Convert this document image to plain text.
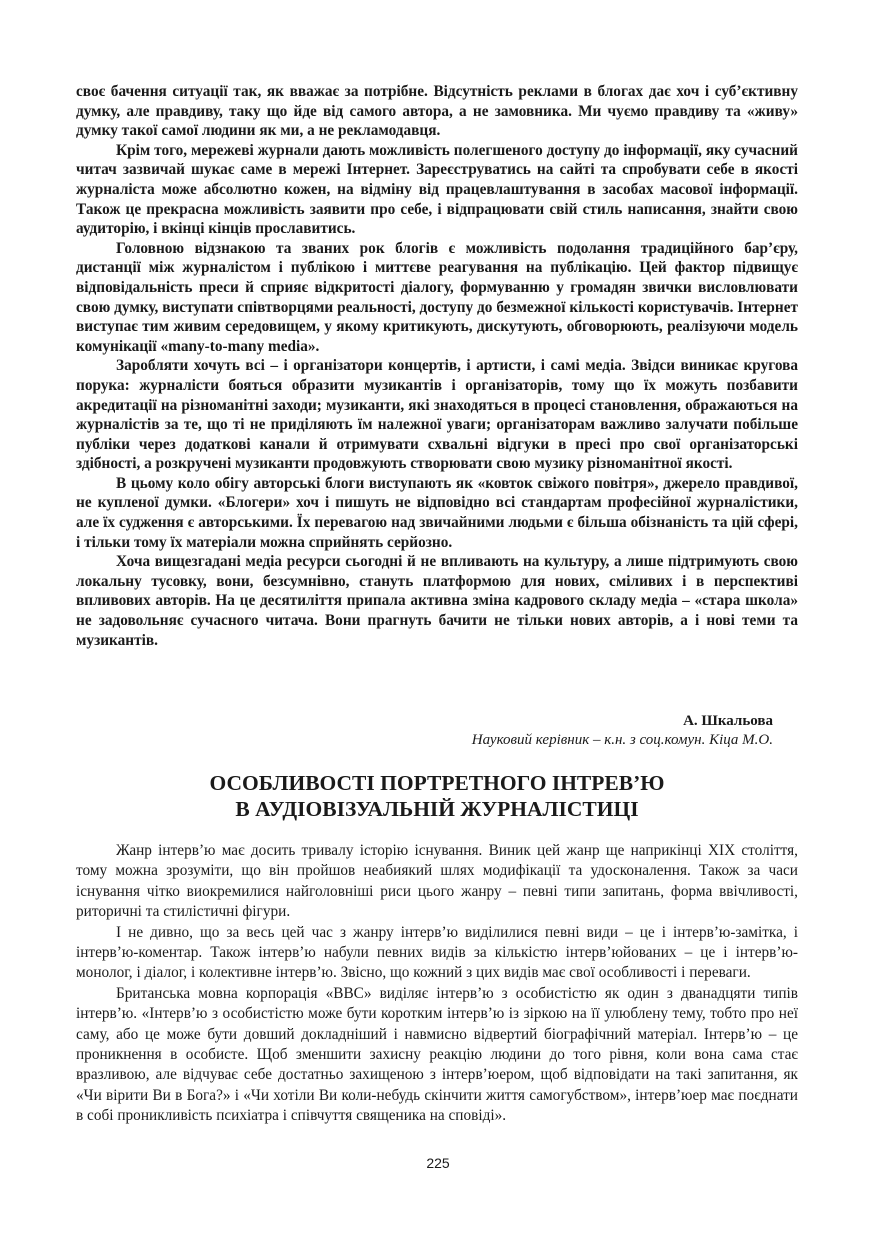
своє бачення ситуації так, як вважає за потрібне. Відсутність реклами в блогах дає хоч і суб’єктивну думку, але правдиву, таку що йде від самого автора, а не замовника. Ми чуємо правдиву та «живу» думку такої самої людини як ми, а не рекламодавця.

Крім того, мережеві журнали дають можливість полегшеного доступу до інформації, яку сучасний читач зазвичай шукає саме в мережі Інтернет. Зареєструватись на сайті та спробувати себе в якості журналіста може абсолютно кожен, на відміну від працевлаштування в засобах масової інформації. Також це прекрасна можливість заявити про себе, і відпрацювати свій стиль написання, знайти свою аудиторію, і вкінці кінців прославитись.

Головною відзнакою та званих рок блогів є можливість подолання традиційного бар’єру, дистанції між журналістом і публікою і миттєве реагування на публікацію. Цей фактор підвищує відповідальність преси й сприяє відкритості діалогу, формуванню у громадян звички висловлювати свою думку, виступати співтворцями реальності, доступу до безмежної кількості користувачів. Інтернет виступає тим живим середовищем, у якому критикують, дискутують, обговорюють, реалізуючи модель комунікації «many-to-many media».

Заробляти хочуть всі – і організатори концертів, і артисти, і самі медіа. Звідси виникає кругова порука: журналісти бояться образити музикантів і організаторів, тому що їх можуть позбавити акредитації на різноманітні заходи; музиканти, які знаходяться в процесі становлення, ображаються на журналістів за те, що ті не приділяють їм належної уваги; організаторам важливо залучати побільше публіки через додаткові канали й отримувати схвальні відгуки в пресі про свої організаторські здібності, а розкручені музиканти продовжують створювати свою музику різноманітної якості.

В цьому коло обігу авторські блоги виступають як «ковток свіжого повітря», джерело правдивої, не купленої думки. «Блогери» хоч і пишуть не відповідно всі стандартам професійної журналістики, але їх судження є авторськими. Їх перевагою над звичайними людьми є більша обізнаність та цій сфері, і тільки тому їх матеріали можна сприйнять серйозно.

Хоча вищезгадані медіа ресурси сьогодні й не впливають на культуру, а лише підтримують свою локальну тусовку, вони, безсумнівно, стануть платформою для нових, сміливих і в перспективі впливових авторів. На це десятиліття припала активна зміна кадрового складу медіа – «стара школа» не задовольняє сучасного читача. Вони прагнуть бачити не тільки нових авторів, а і нові теми та музикантів.

А. Шкальова
Науковий керівник – к.н. з соц.комун. Кіца М.О.
ОСОБЛИВОСТІ ПОРТРЕТНОГО ІНТРЕВ’Ю
В АУДІОВІЗУАЛЬНІЙ ЖУРНАЛІСТИЦІ

Жанр інтерв’ю має досить тривалу історію існування. Виник цей жанр ще наприкінці XIX століття, тому можна зрозуміти, що він пройшов неабиякий шлях модифікації та удосконалення. Також за часи існування чітко виокремилися найголовніші риси цього жанру – певні типи запитань, форма ввічливості, риторичні та стилістичні фігури.

І не дивно, що за весь цей час з жанру інтерв’ю виділилися певні види – це і інтерв’ю-замітка, і інтерв’ю-коментар. Також інтерв’ю набули певних видів за кількістю інтерв’юйованих – це і інтерв’ю-монолог, і діалог, і колективне інтерв’ю. Звісно, що кожний з цих видів має свої особливості і переваги.

Британська мовна корпорація «BBC» виділяє інтерв’ю з особистістю як один з дванадцяти типів інтерв’ю. «Інтерв’ю з особистістю може бути коротким інтерв’ю із зіркою на її улюблену тему, тобто про неї саму, або це може бути довший докладніший і навмисно відвертий біографічний матеріал. Інтерв’ю – це проникнення в особисте. Щоб зменшити захисну реакцію людини до того рівня, коли вона сама стає вразливою, але відчуває себе достатньо захищеною з інтерв’юером, щоб відповідати на такі запитання, як «Чи вірити Ви в Бога?» і «Чи хотіли Ви коли-небудь скінчити життя самогубством», інтерв’юер має поєднати в собі проникливість психіатра і співчуття священика на сповіді».

225
